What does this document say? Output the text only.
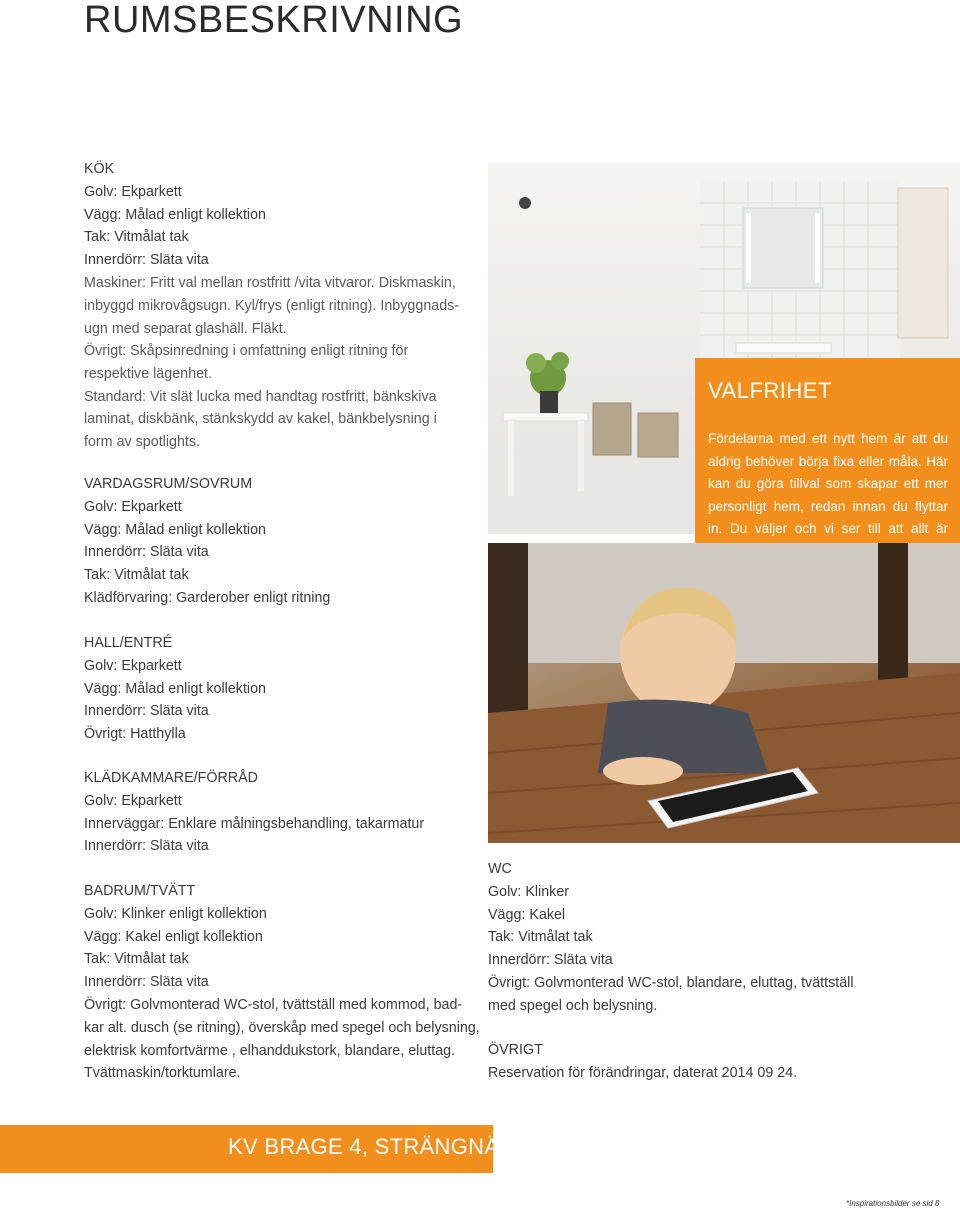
RUMSBESKRIVNING

KÖK

Golv: Ekparkett

Vägg: Målad enligt kollektion

Tak: Vitmålat tak

Innerdörr: Släta vita

Maskiner: Fritt val mellan rostfritt /vita vitvaror. Diskmaskin,

inbyggd mikrovågsugn. Kyl/frys (enligt ritning). Inbyggnads-

ugn med separat glashäll. Fläkt.

Övrigt: Skåpsinredning i omfattning enligt ritning för

respektive lägenhet.

Standard: Vit slät lucka med handtag rostfritt, bänkskiva

laminat, diskbänk, stänkskydd av kakel, bänkbelysning i

form av spotlights.

VARDAGSRUM/SOVRUM

Golv: Ekparkett

Vägg: Målad enligt kollektion

Innerdörr: Släta vita

Tak: Vitmålat tak

Klädförvaring: Garderober enligt ritning

HALL/ENTRÉ

Golv: Ekparkett

Vägg: Målad enligt kollektion

Innerdörr: Släta vita

Övrigt: Hatthylla

KLÄDKAMMARE/FÖRRÅD

Golv: Ekparkett

Innerväggar: Enklare målningsbehandling, takarmatur

Innerdörr: Släta vita

BADRUM/TVÄTT

Golv: Klinker enligt kollektion

Vägg: Kakel enligt kollektion

Tak: Vitmålat tak

Innerdörr: Släta vita

Övrigt: Golvmonterad WC-stol, tvättställ med kommod, bad-

kar alt. dusch (se ritning), överskåp med spegel och belysning,

elektrisk komfortvärme , elhanddukstork, blandare, eluttag.

Tvättmaskin/torktumlare.

VALFRIHET
Fördelarna med ett nytt hem är att du aldrig behöver börja fixa eller måla. Här kan du göra tillval som skapar ett mer personligt hem, redan innan du flyttar in. Du väljer och vi ser till att allt är

WC

Golv: Klinker

Vägg: Kakel

Tak: Vitmålat tak

Innerdörr: Släta vita

Övrigt: Golvmonterad WC-stol, blandare, eluttag, tvättställ

med spegel och belysning.

ÖVRIGT

Reservation för förändringar, daterat 2014 09 24.

KV BRAGE 4, STRÄNGNÄS
*Inspirationsbilder se sid 8
